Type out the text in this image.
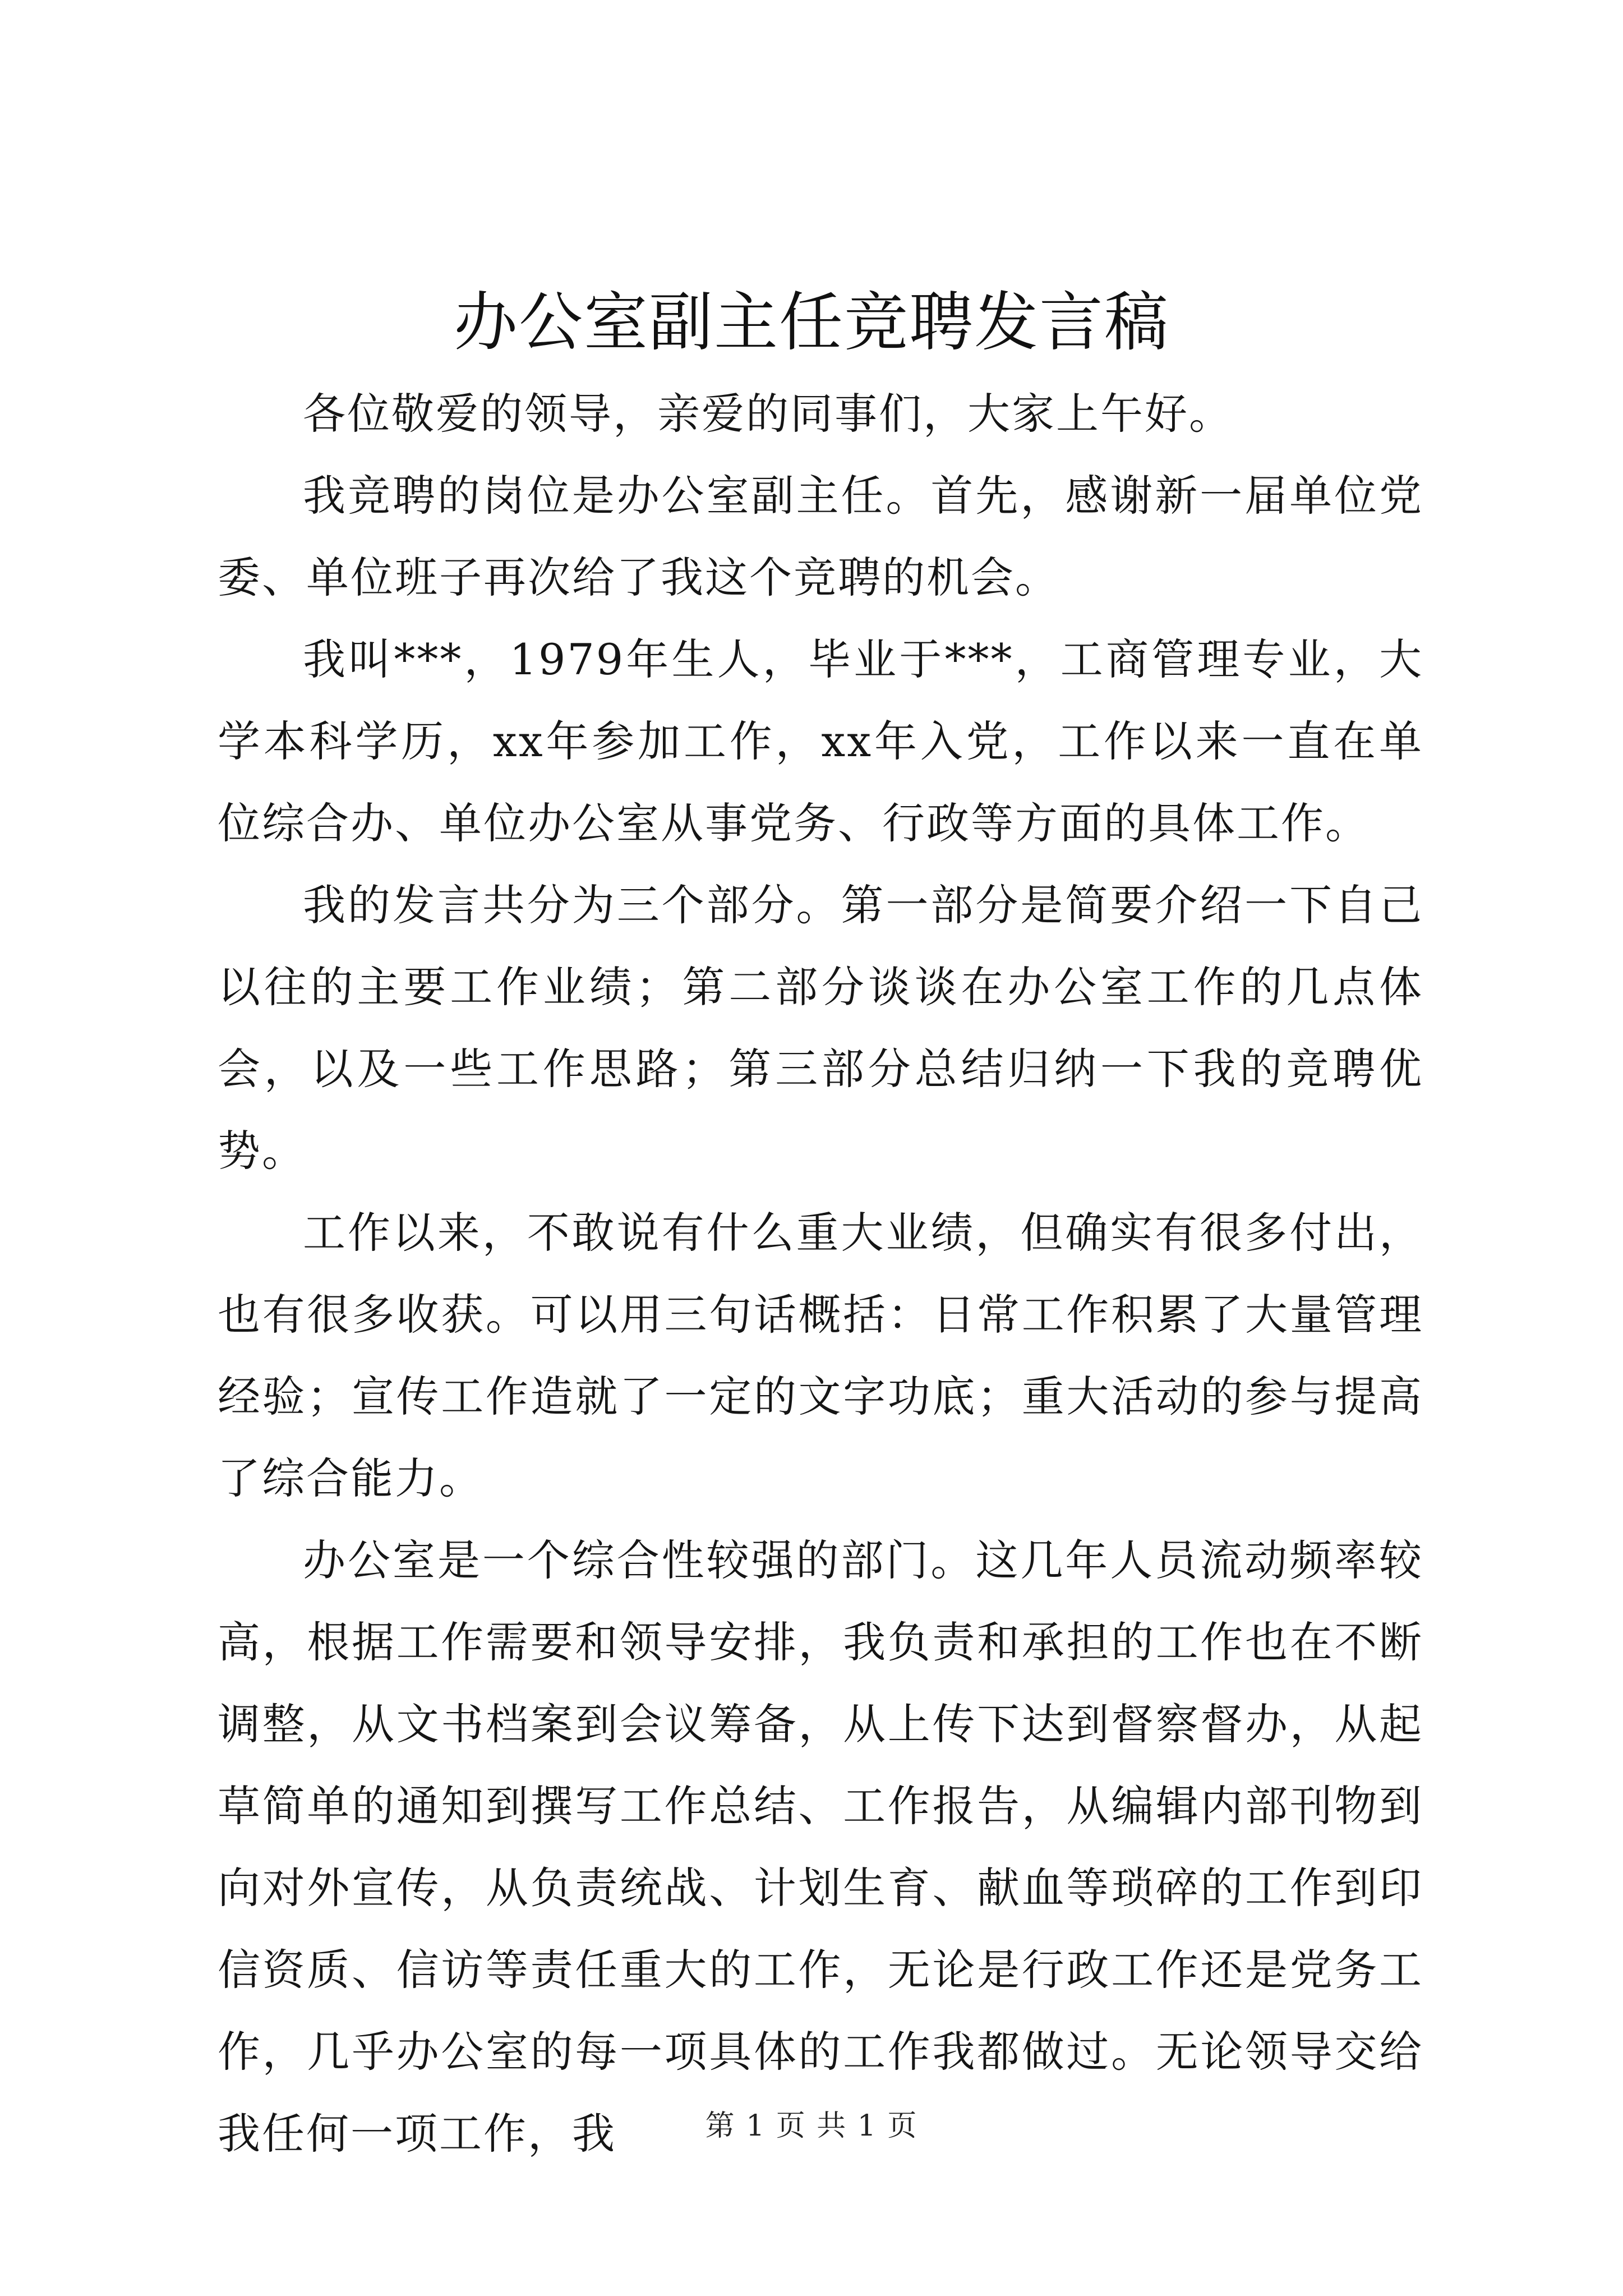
办公室副主任竞聘发言稿

各位敬爱的领导，亲爱的同事们，大家上午好。

我竞聘的岗位是办公室副主任。首先，感谢新一届单位党委、单位班子再次给了我这个竞聘的机会。

我叫***，1979年生人，毕业于***，工商管理专业，大学本科学历，xx年参加工作，xx年入党，工作以来一直在单位综合办、单位办公室从事党务、行政等方面的具体工作。

我的发言共分为三个部分。第一部分是简要介绍一下自己以往的主要工作业绩；第二部分谈谈在办公室工作的几点体会，以及一些工作思路；第三部分总结归纳一下我的竞聘优势。

工作以来，不敢说有什么重大业绩，但确实有很多付出，也有很多收获。可以用三句话概括：日常工作积累了大量管理经验；宣传工作造就了一定的文字功底；重大活动的参与提高了综合能力。

办公室是一个综合性较强的部门。这几年人员流动频率较高，根据工作需要和领导安排，我负责和承担的工作也在不断调整，从文书档案到会议筹备，从上传下达到督察督办，从起草简单的通知到撰写工作总结、工作报告，从编辑内部刊物到向对外宣传，从负责统战、计划生育、献血等琐碎的工作到印信资质、信访等责任重大的工作，无论是行政工作还是党务工作，几乎办公室的每一项具体的工作我都做过。无论领导交给我任何一项工作，我	第 1 页 共 1 页
